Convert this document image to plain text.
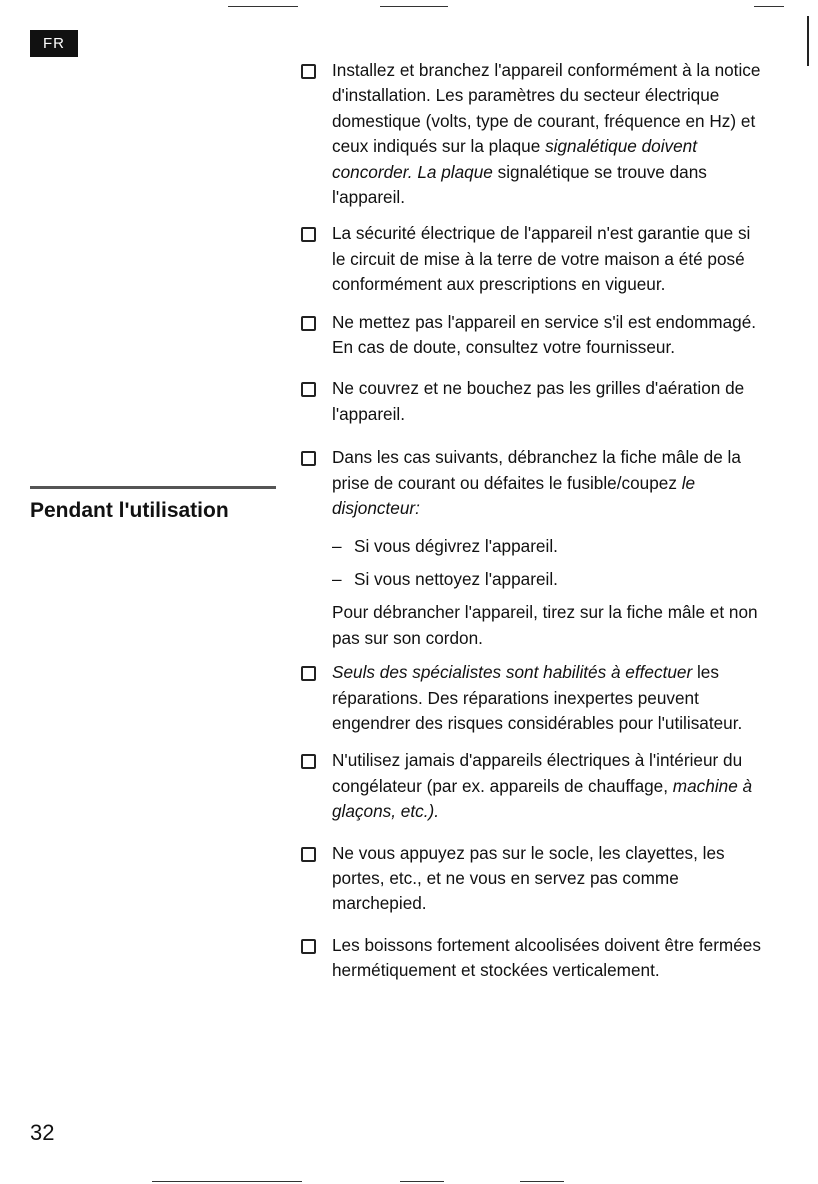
FR
Pendant l'utilisation

Installez et branchez l'appareil conformément à la notice d'installation. Les paramètres du secteur électrique domestique (volts, type de courant, fréquence en Hz) et ceux indiqués sur la plaque signalétique doivent concorder. La plaque signalétique se trouve dans l'appareil.

La sécurité électrique de l'appareil n'est garantie que si le circuit de mise à la terre de votre maison a été posé conformément aux prescriptions en vigueur.

Ne mettez pas l'appareil en service s'il est endommagé. En cas de doute, consultez votre fournisseur.

Ne couvrez et ne bouchez pas les grilles d'aération de l'appareil.

Dans les cas suivants, débranchez la fiche mâle de la prise de courant ou défaites le fusible/coupez le disjoncteur:

– Si vous dégivrez l'appareil.

– Si vous nettoyez l'appareil.

Pour débrancher l'appareil, tirez sur la fiche mâle et non pas sur son cordon.

Seuls des spécialistes sont habilités à effectuer les réparations. Des réparations inexpertes peuvent engendrer des risques considérables pour l'utilisateur.

N'utilisez jamais d'appareils électriques à l'intérieur du congélateur (par ex. appareils de chauffage, machine à glaçons, etc.).

Ne vous appuyez pas sur le socle, les clayettes, les portes, etc., et ne vous en servez pas comme marchepied.

Les boissons fortement alcoolisées doivent être fermées hermétiquement et stockées verticalement.

32
